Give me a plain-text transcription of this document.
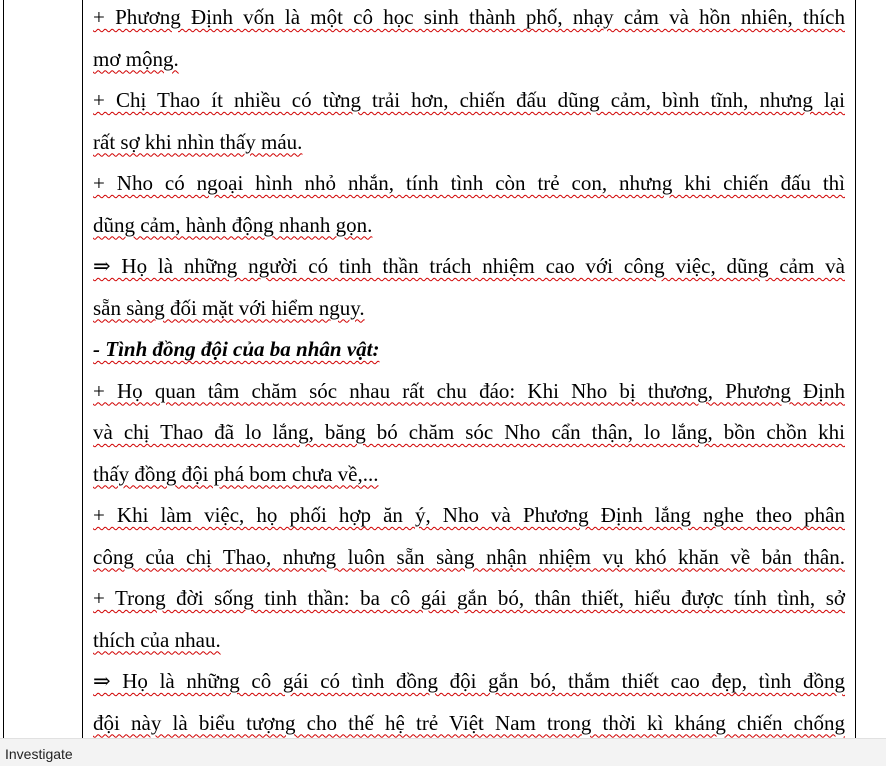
+ Phương Định vốn là một cô học sinh thành phố, nhạy cảm và hồn nhiên, thích
mơ mộng.
+ Chị Thao ít nhiều có từng trải hơn, chiến đấu dũng cảm, bình tĩnh, nhưng lại
rất sợ khi nhìn thấy máu.
+ Nho có ngoại hình nhỏ nhắn, tính tình còn trẻ con, nhưng khi chiến đấu thì
dũng cảm, hành động nhanh gọn.
⇒ Họ là những người có tinh thần trách nhiệm cao với công việc, dũng cảm và
sẵn sàng đối mặt với hiểm nguy.
- Tình đồng đội của ba nhân vật:
+ Họ quan tâm chăm sóc nhau rất chu đáo: Khi Nho bị thương, Phương Định
và chị Thao đã lo lắng, băng bó chăm sóc Nho cẩn thận, lo lắng, bồn chồn khi
thấy đồng đội phá bom chưa về,...
+ Khi làm việc, họ phối hợp ăn ý, Nho và Phương Định lắng nghe theo phân
công của chị Thao, nhưng luôn sẵn sàng nhận nhiệm vụ khó khăn về bản thân.
+ Trong đời sống tinh thần: ba cô gái gắn bó, thân thiết, hiểu được tính tình, sở
thích của nhau.
⇒ Họ là những cô gái có tình đồng đội gắn bó, thắm thiết cao đẹp, tình đồng
đội này là biểu tượng cho thế hệ trẻ Việt Nam trong thời kì kháng chiến chống
Investigate
